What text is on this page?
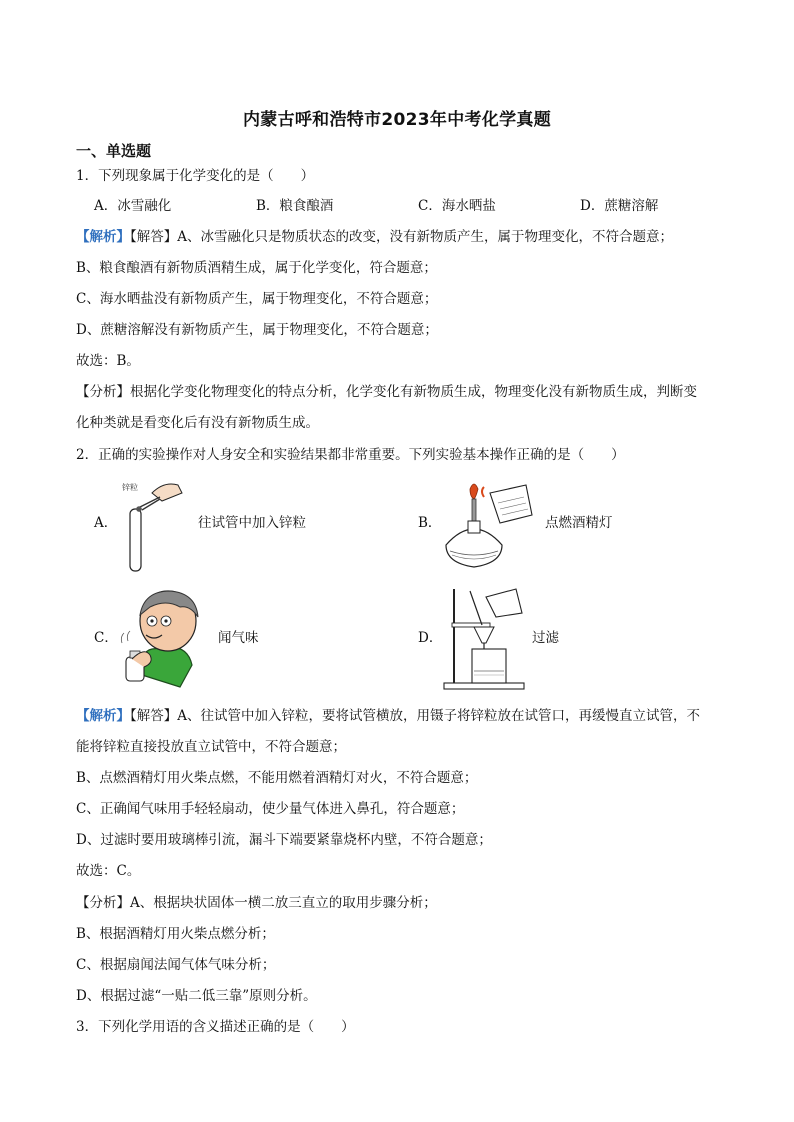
内蒙古呼和浩特市2023年中考化学真题
一、单选题
1．下列现象属于化学变化的是（　　）
A．冰雪融化	B．粮食酿酒	C．海水晒盐	D．蔗糖溶解
【解析】【解答】A、冰雪融化只是物质状态的改变，没有新物质产生，属于物理变化，不符合题意；
B、粮食酿酒有新物质酒精生成，属于化学变化，符合题意；
C、海水晒盐没有新物质产生，属于物理变化，不符合题意；
D、蔗糖溶解没有新物质产生，属于物理变化，不符合题意；
故选：B。
【分析】根据化学变化物理变化的特点分析，化学变化有新物质生成，物理变化没有新物质生成，判断变
化种类就是看变化后有没有新物质生成。
2．正确的实验操作对人身安全和实验结果都非常重要。下列实验基本操作正确的是（　　）
A．
锌粒
往试管中加入锌粒	B．	点燃酒精灯
C．	闻气味	D．	过滤
【解析】【解答】A、往试管中加入锌粒，要将试管横放，用镊子将锌粒放在试管口，再缓慢直立试管，不
能将锌粒直接投放直立试管中，不符合题意；
B、点燃酒精灯用火柴点燃，不能用燃着酒精灯对火，不符合题意；
C、正确闻气味用手轻轻扇动，使少量气体进入鼻孔，符合题意；
D、过滤时要用玻璃棒引流，漏斗下端要紧靠烧杯内壁，不符合题意；
故选：C。
【分析】A、根据块状固体一横二放三直立的取用步骤分析；
B、根据酒精灯用火柴点燃分析；
C、根据扇闻法闻气体气味分析；
D、根据过滤“一贴二低三靠”原则分析。
3．下列化学用语的含义描述正确的是（　　）
